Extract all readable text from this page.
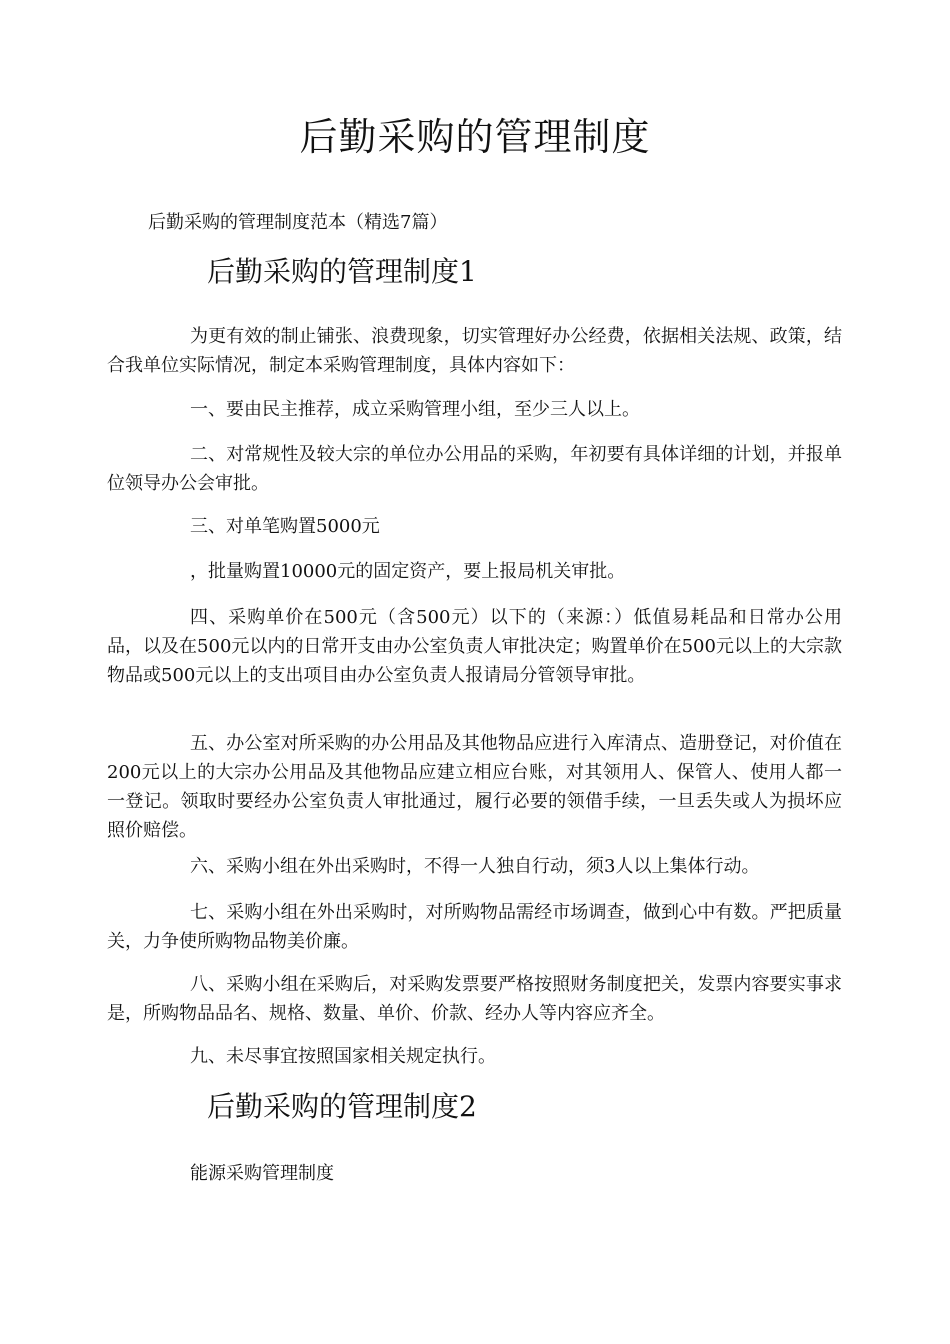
后勤采购的管理制度
后勤采购的管理制度范本（精选7篇）
后勤采购的管理制度1

为更有效的制止铺张、浪费现象，切实管理好办公经费，依据相关法规、政策，结合我单位实际情况，制定本采购管理制度，具体内容如下：

一、要由民主推荐，成立采购管理小组，至少三人以上。

二、对常规性及较大宗的单位办公用品的采购，年初要有具体详细的计划，并报单位领导办公会审批。

三、对单笔购置5000元
，批量购置10000元的固定资产，要上报局机关审批。

四、采购单价在500元（含500元）以下的（来源：）低值易耗品和日常办公用品，以及在500元以内的日常开支由办公室负责人审批决定；购置单价在500元以上的大宗款物品或500元以上的支出项目由办公室负责人报请局分管领导审批。

五、办公室对所采购的办公用品及其他物品应进行入库清点、造册登记，对价值在200元以上的大宗办公用品及其他物品应建立相应台账，对其领用人、保管人、使用人都一一登记。领取时要经办公室负责人审批通过，履行必要的领借手续，一旦丢失或人为损坏应照价赔偿。

六、采购小组在外出采购时，不得一人独自行动，须3人以上集体行动。

七、采购小组在外出采购时，对所购物品需经市场调查，做到心中有数。严把质量关，力争使所购物品物美价廉。

八、采购小组在采购后，对采购发票要严格按照财务制度把关，发票内容要实事求是，所购物品品名、规格、数量、单价、价款、经办人等内容应齐全。

九、未尽事宜按照国家相关规定执行。
后勤采购的管理制度2
能源采购管理制度
